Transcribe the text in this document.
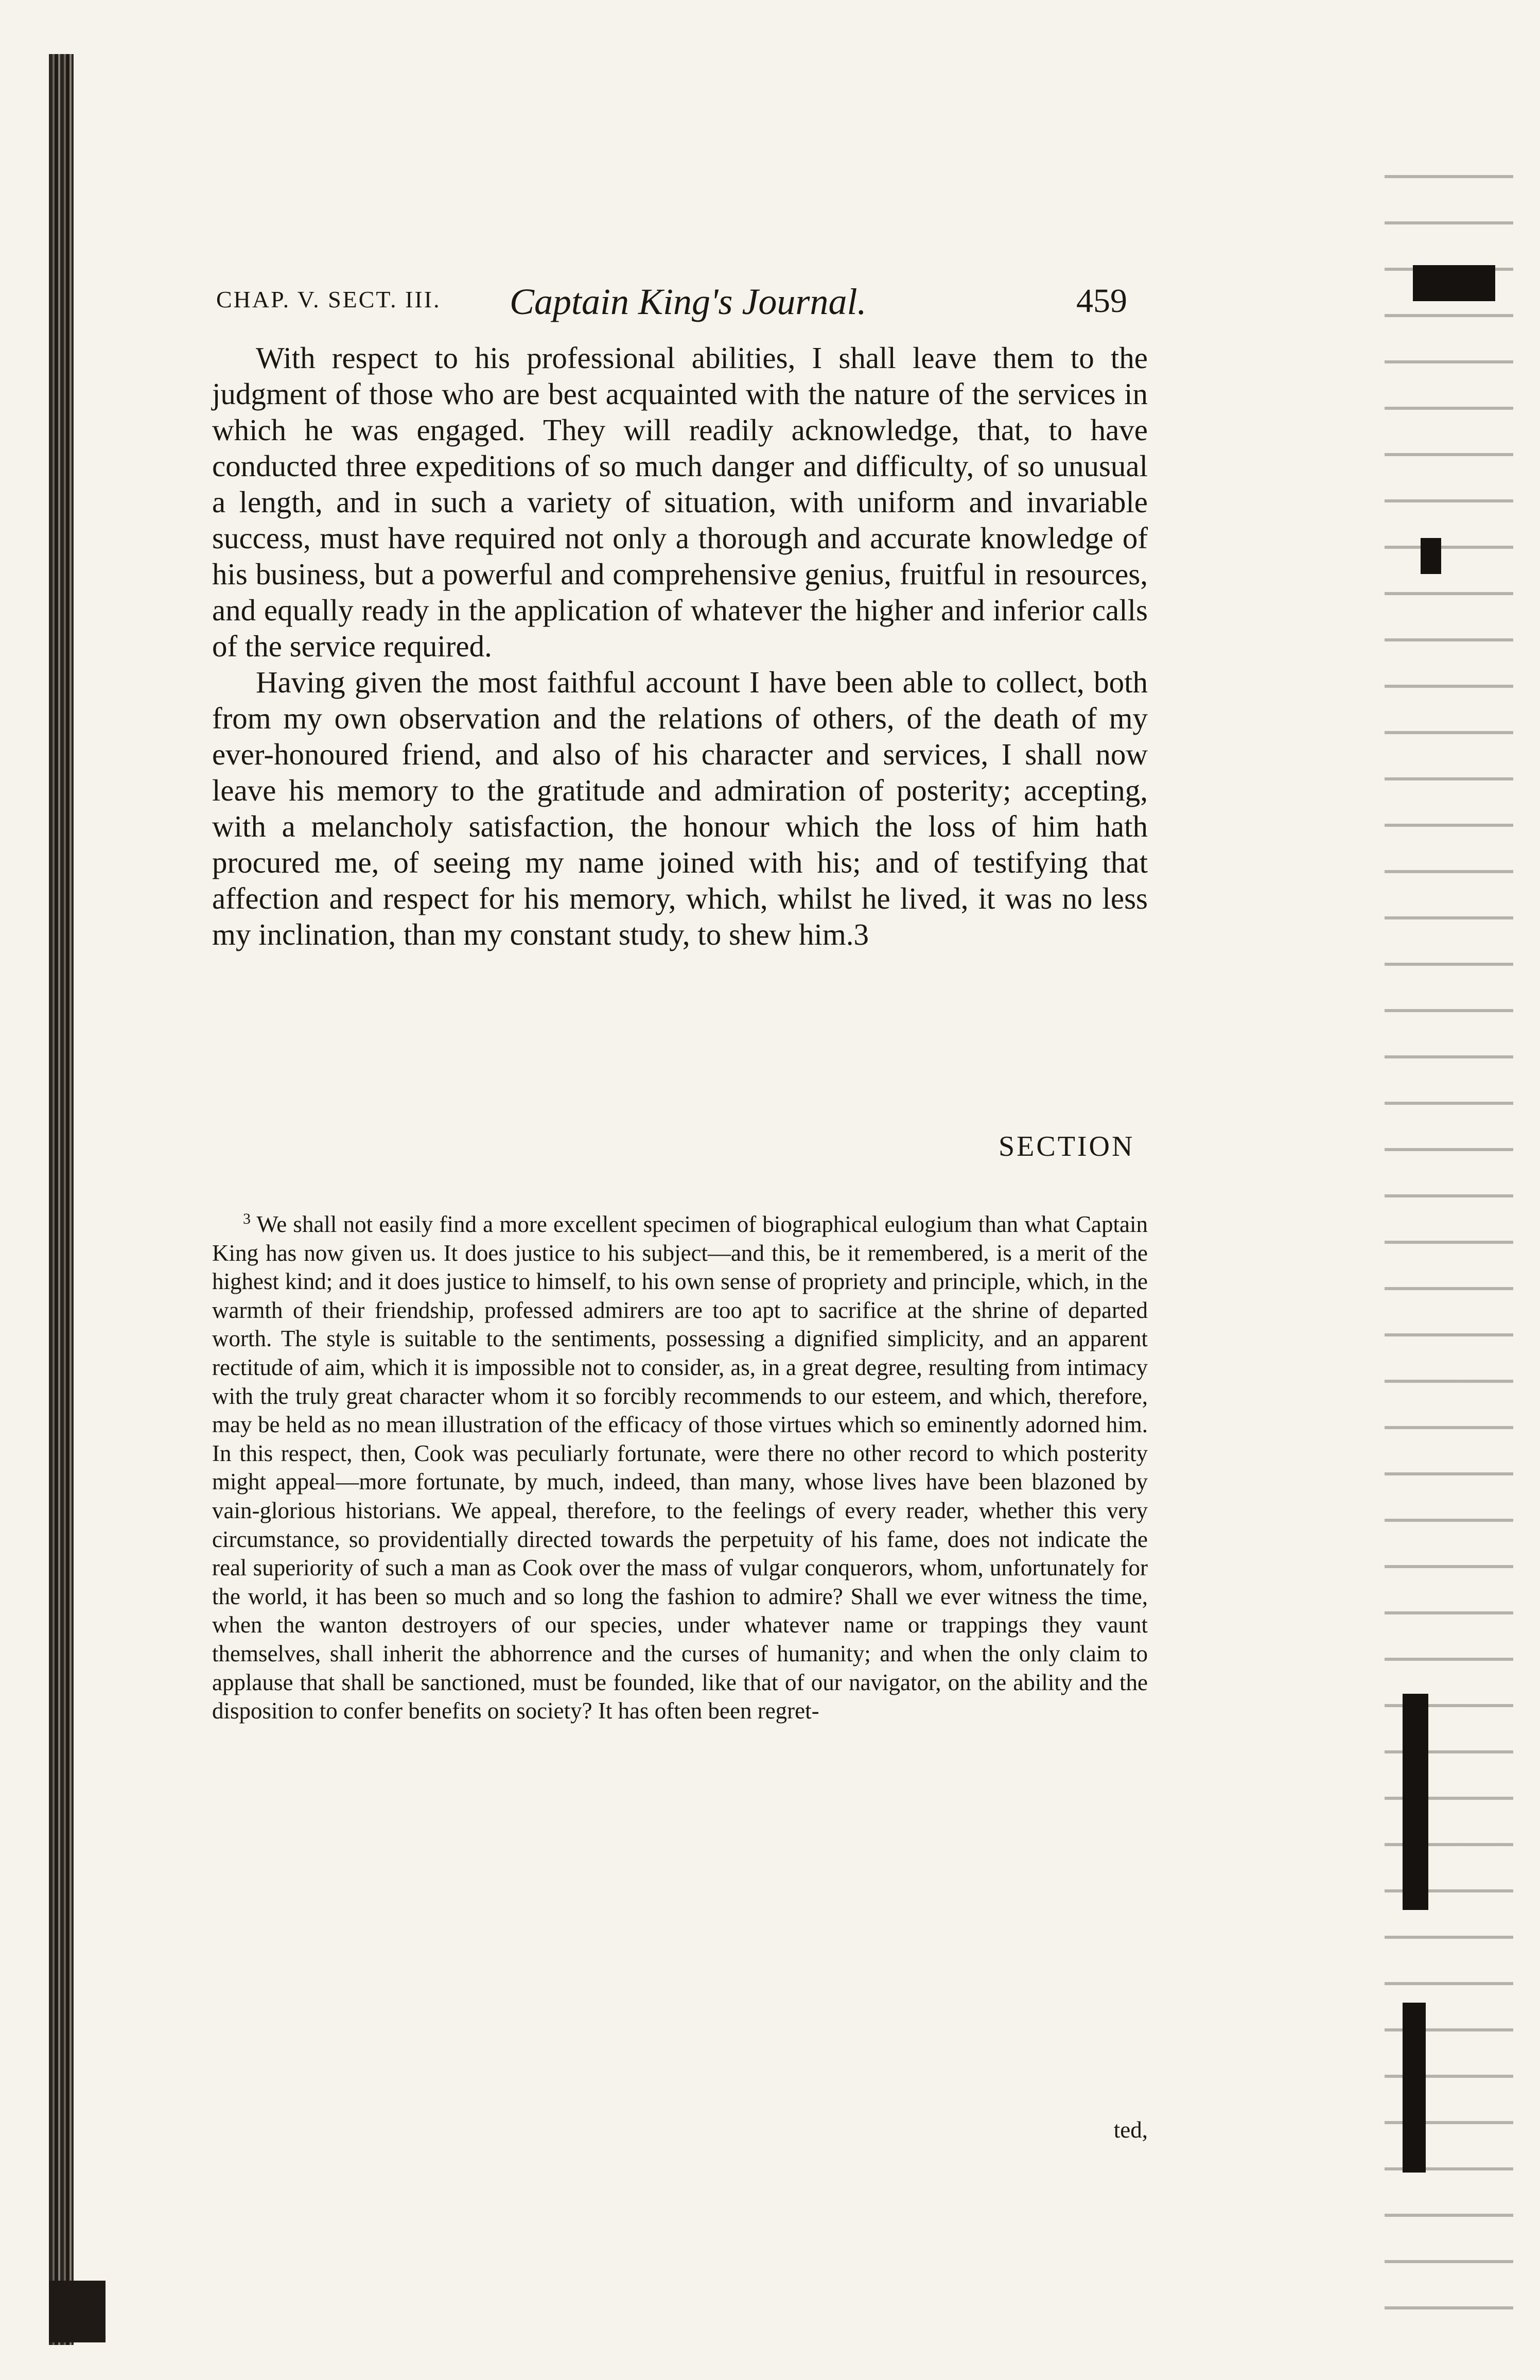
CHAP. V. SECT. III. Captain King's Journal.	459

With respect to his professional abilities, I shall leave them to the judgment of those who are best acquainted with the nature of the services in which he was engaged. They will readily acknowledge, that, to have conducted three expeditions of so much danger and difficulty, of so unusual a length, and in such a variety of situation, with uniform and invariable success, must have required not only a thorough and accurate knowledge of his business, but a powerful and comprehensive genius, fruitful in resources, and equally ready in the application of whatever the higher and inferior calls of the service required.

Having given the most faithful account I have been able to collect, both from my own observation and the relations of others, of the death of my ever-honoured friend, and also of his character and services, I shall now leave his memory to the gratitude and admiration of posterity; accepting, with a melancholy satisfaction, the honour which the loss of him hath procured me, of seeing my name joined with his; and of testifying that affection and respect for his memory, which, whilst he lived, it was no less my inclination, than my constant study, to shew him.3

SECTION

$^3$ We shall not easily find a more excellent specimen of biographical eulogium than what Captain King has now given us. It does justice to his subject—and this, be it remembered, is a merit of the highest kind; and it does justice to himself, to his own sense of propriety and principle, which, in the warmth of their friendship, professed admirers are too apt to sacrifice at the shrine of departed worth. The style is suitable to the sentiments, possessing a dignified simplicity, and an apparent rectitude of aim, which it is impossible not to consider, as, in a great degree, resulting from intimacy with the truly great character whom it so forcibly recommends to our esteem, and which, therefore, may be held as no mean illustration of the efficacy of those virtues which so eminently adorned him. In this respect, then, Cook was peculiarly fortunate, were there no other record to which posterity might appeal—more fortunate, by much, indeed, than many, whose lives have been blazoned by vain-glorious historians. We appeal, therefore, to the feelings of every reader, whether this very circumstance, so providentially directed towards the perpetuity of his fame, does not indicate the real superiority of such a man as Cook over the mass of vulgar conquerors, whom, unfortunately for the world, it has been so much and so long the fashion to admire? Shall we ever witness the time, when the wanton destroyers of our species, under whatever name or trappings they vaunt themselves, shall inherit the abhorrence and the curses of humanity; and when the only claim to applause that shall be sanctioned, must be founded, like that of our navigator, on the ability and the disposition to confer benefits on society? It has often been regret-

ted,
